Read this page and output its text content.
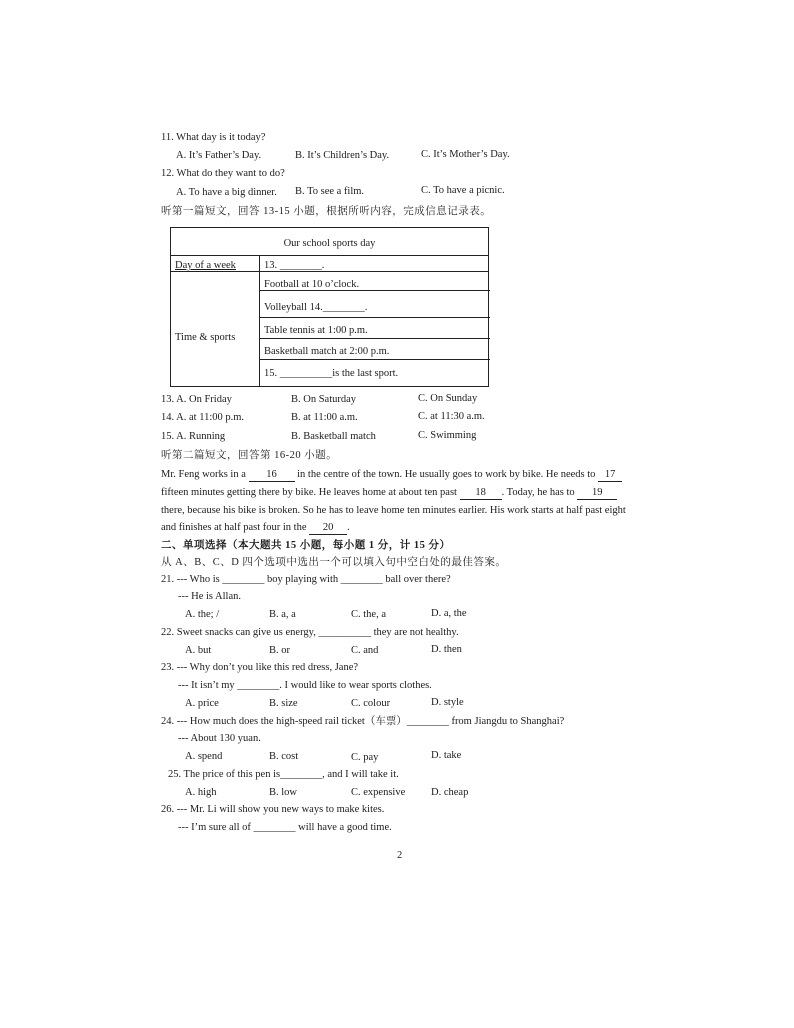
11. What day is it today?
A. It’s Father’s Day.	B. It’s Children’s Day.	C. It’s Mother’s Day.
12. What do they want to do?
A. To have a big dinner. B. To see a film.	C. To have a picnic.
听第一篇短文，回答 13-15 小题，根据所听内容，完成信息记录表。
Our school sports day
Day of a week	13. ________.
Time & sports
Football at 10 o’clock.
Volleyball 14.________.
Table tennis at 1:00 p.m.
Basketball match at 2:00 p.m.
15. __________is the last sport.
13. A. On Friday	B. On Saturday	C. On Sunday
14. A. at 11:00 p.m.	B. at 11:00 a.m.	C. at 11:30 a.m.
15. A. Running	B. Basketball match	C. Swimming
听第二篇短文，回答第 16-20 小题。
Mr. Feng works in a 16 in the centre of the town. He usually goes to work by bike. He needs to 17
fifteen minutes getting there by bike. He leaves home at about ten past 18 . Today, he has to 19
there, because his bike is broken. So he has to leave home ten minutes earlier. His work starts at half past eight
and finishes at half past four in the 20 .
二、单项选择（本大题共 15 小题，每小题 1 分，计 15 分）
从 A、B、C、D 四个选项中选出一个可以填入句中空白处的最佳答案。
21. --- Who is ________ boy playing with ________ ball over there?
--- He is Allan.
A. the; /	B. a, a	C. the, a	D. a, the
22. Sweet snacks can give us energy, __________ they are not healthy.
A. but	B. or	C. and	D. then
23. --- Why don’t you like this red dress, Jane?
--- It isn’t my ________. I would like to wear sports clothes.
A. price	B. size	C. colour	D. style
24. --- How much does the high-speed rail ticket（车票）________ from Jiangdu to Shanghai?
--- About 130 yuan.
A. spend	B. cost	C. pay	D. take
25. The price of this pen is________, and I will take it.
A. high	B. low	C. expensive D. cheap
26. --- Mr. Li will show you new ways to make kites.
--- I’m sure all of ________ will have a good time.
2
